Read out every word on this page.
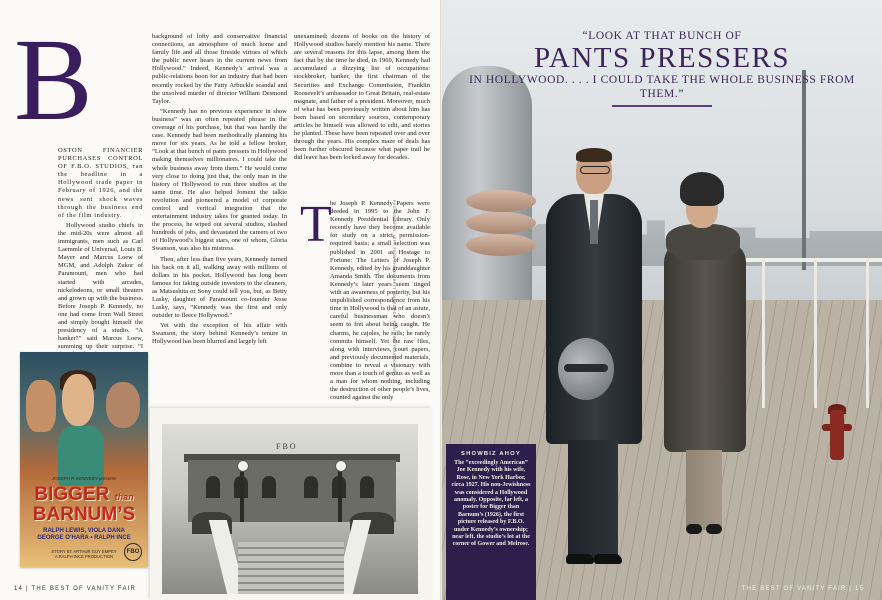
B

OSTON FINANCIER PURCHASES CONTROL OF F.B.O. STUDIOS, ran the headline in a Hollywood trade paper in February of 1926, and the news sent shock waves through the business end of the film industry.

Hollywood studio chiefs in the mid-20s were almost all immigrants, men such as Carl Laemmle of Universal, Louis B. Mayer and Marcus Loew of MGM, and Adolph Zukor of Paramount, men who had started with arcades, nickelodeons, or small theaters and grown up with the business. Before Joseph P. Kennedy, no one had come from Wall Street and simply bought himself the presidency of a studio. “A banker?” said Marcus Loew, summing up their surprise. “I

background of lofty and conservative financial connections, an atmosphere of much home and family life and all those fireside virtues of which the public never hears in the current news from Hollywood.” Indeed, Kennedy’s arrival was a public-relations boon for an industry that had been recently rocked by the Fatty Arbuckle scandal and the unsolved murder of director William Desmond Taylor.

“Kennedy has no previous experience in show business” was an often repeated phrase in the coverage of his purchase, but that was hardly the case. Kennedy had been methodically planning his move for six years. As he told a fellow broker, “Look at that bunch of pants pressers in Hollywood making themselves millionaires. I could take the whole business away from them.” He would come very close to doing just that, the only man in the history of Hollywood to run three studios at the same time. He also helped foment the talkie revolution and pioneered a model of corporate control and vertical integration that the entertainment industry takes for granted today. In the process, he wiped out several studios, slashed hundreds of jobs, and devastated the careers of two of Hollywood’s biggest stars, one of whom, Gloria Swanson, was also his mistress.

Then, after less than five years, Kennedy turned his back on it all, walking away with millions of dollars in his pocket. Hollywood has long been famous for taking outside investors to the cleaners, as Matsushita or Sony could tell you, but, as Betty Lasky, daughter of Paramount co-founder Jesse Lasky, says, “Kennedy was the first and only outsider to fleece Hollywood.”

Yet with the exception of his affair with Swanson, the story behind Kennedy’s tenure in Hollywood has been blurred and largely left

unexamined; dozens of books on the history of Hollywood studios barely mention his name. There are several reasons for this lapse, among them the fact that by the time he died, in 1969, Kennedy had accumulated a dizzying list of occupations: stockbroker, banker, the first chairman of the Securities and Exchange Commission, Franklin Roosevelt’s ambassador to Great Britain, real-estate magnate, and father of a president. Moreover, much of what has been previously written about him has been based on secondary sources, contemporary articles he himself was allowed to edit, and stories he planted. These have been repeated over and over through the years. His complex maze of deals has been further obscured because what paper trail he did leave has been locked away for decades.

T

he Joseph P. Kennedy Papers were deeded in 1995 to the John F. Kennedy Presidential Library. Only recently have they become available for study on a strict, permission-required basis; a small selection was published in 2001 as Hostage to Fortune: The Letters of Joseph P. Kennedy, edited by his granddaughter Amanda Smith. The documents from Kennedy’s later years seem tinged with an awareness of posterity, but his unpublished correspondence from his time in Hollywood is that of an astute, careful businessman who doesn’t seem to fret about being caught. He charms, he cajoles, he rails; he rarely commits himself. Yet the raw files, along with interviews, court papers, and previously documented materials, combine to reveal a visionary with more than a touch of genius as well as a man for whom nothing, including the destruction of other people’s lives, counted against the only

JOSEPH P. KENNEDY presents
BIGGER than
BARNUM’S
RALPH LEWIS, VIOLA DANA
GEORGE O’HARA • RALPH INCE
STORY BY ARTHUR GUY EMPEY
A RALPH INCE PRODUCTION
FBO
FBO
14 | THE BEST OF VANITY FAIR	THE BEST OF VANITY FAIR | 15
“LOOK AT THAT BUNCH OF
PANTS PRESSERS
IN HOLLYWOOD. . . . I COULD TAKE THE WHOLE BUSINESS FROM THEM.”
PHOTOGRAPHS, LEFT, FROM THE EVERETT COLLECTION; RIGHT, BETTMANN/CORBIS
SHOWBIZ AHOY
The “exceedingly American” Joe Kennedy with his wife, Rose, in New York Harbor, circa 1927. His non-Jewishness was considered a Hollywood anomaly. Opposite, far left, a poster for Bigger than Barnum’s (1926), the first picture released by F.B.O. under Kennedy’s ownership; near left, the studio’s lot at the corner of Gower and Melrose.
